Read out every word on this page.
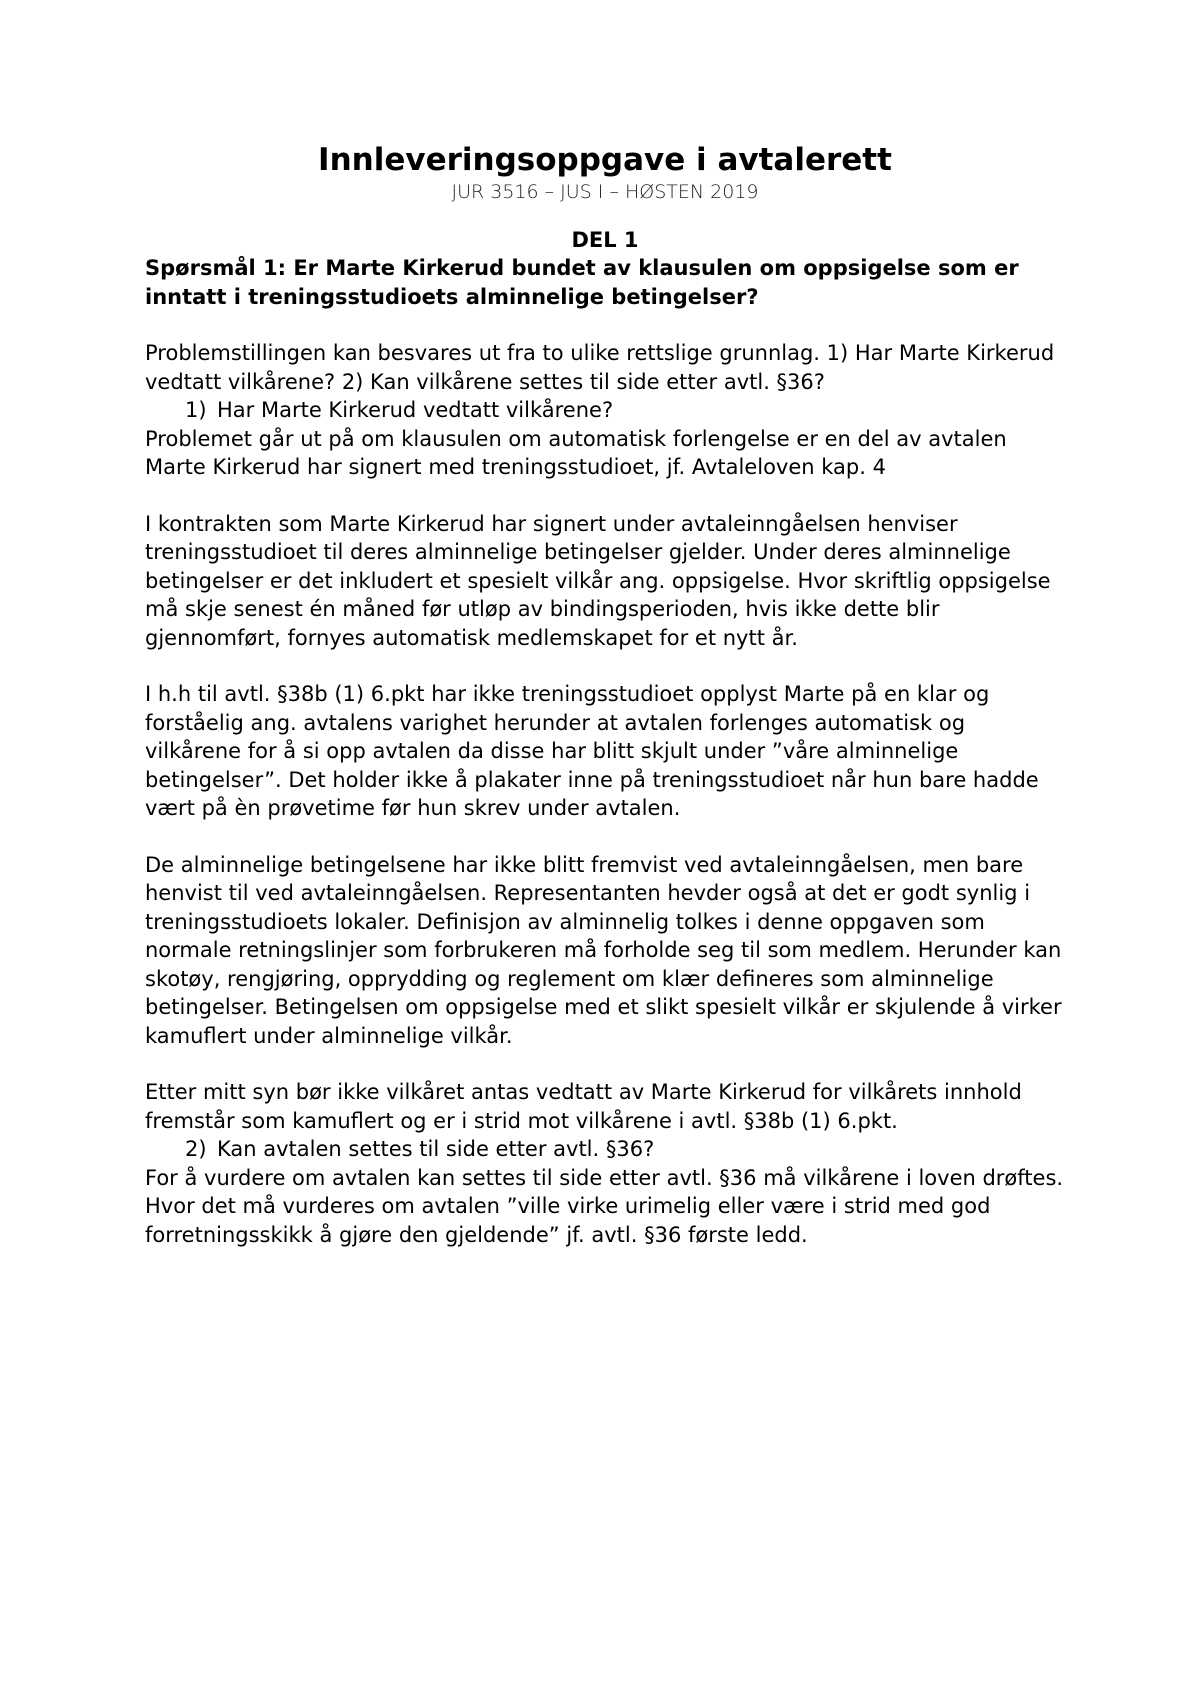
Innleveringsoppgave i avtalerett

JUR 3516 – JUS I – HØSTEN 2019

DEL 1

Spørsmål 1: Er Marte Kirkerud bundet av klausulen om oppsigelse som er inntatt i treningsstudioets alminnelige betingelser?

Problemstillingen kan besvares ut fra to ulike rettslige grunnlag. 1) Har Marte Kirkerud vedtatt vilkårene? 2) Kan vilkårene settes til side etter avtl. §36?

1) Har Marte Kirkerud vedtatt vilkårene?

Problemet går ut på om klausulen om automatisk forlengelse er en del av avtalen Marte Kirkerud har signert med treningsstudioet, jf. Avtaleloven kap. 4

I kontrakten som Marte Kirkerud har signert under avtaleinngåelsen henviser treningsstudioet til deres alminnelige betingelser gjelder. Under deres alminnelige betingelser er det inkludert et spesielt vilkår ang. oppsigelse. Hvor skriftlig oppsigelse må skje senest én måned før utløp av bindingsperioden, hvis ikke dette blir gjennomført, fornyes automatisk medlemskapet for et nytt år.

I h.h til avtl. §38b (1) 6.pkt har ikke treningsstudioet opplyst Marte på en klar og forståelig ang. avtalens varighet herunder at avtalen forlenges automatisk og vilkårene for å si opp avtalen da disse har blitt skjult under ”våre alminnelige betingelser”. Det holder ikke å plakater inne på treningsstudioet når hun bare hadde vært på èn prøvetime før hun skrev under avtalen.

De alminnelige betingelsene har ikke blitt fremvist ved avtaleinngåelsen, men bare henvist til ved avtaleinngåelsen. Representanten hevder også at det er godt synlig i treningsstudioets lokaler. Definisjon av alminnelig tolkes i denne oppgaven som normale retningslinjer som forbrukeren må forholde seg til som medlem. Herunder kan skotøy, rengjøring, opprydding og reglement om klær defineres som alminnelige betingelser. Betingelsen om oppsigelse med et slikt spesielt vilkår er skjulende å virker kamuflert under alminnelige vilkår.

Etter mitt syn bør ikke vilkåret antas vedtatt av Marte Kirkerud for vilkårets innhold fremstår som kamuflert og er i strid mot vilkårene i avtl. §38b (1) 6.pkt.

2) Kan avtalen settes til side etter avtl. §36?

For å vurdere om avtalen kan settes til side etter avtl. §36 må vilkårene i loven drøftes. Hvor det må vurderes om avtalen ”ville virke urimelig eller være i strid med god forretningsskikk å gjøre den gjeldende” jf. avtl. §36 første ledd.
